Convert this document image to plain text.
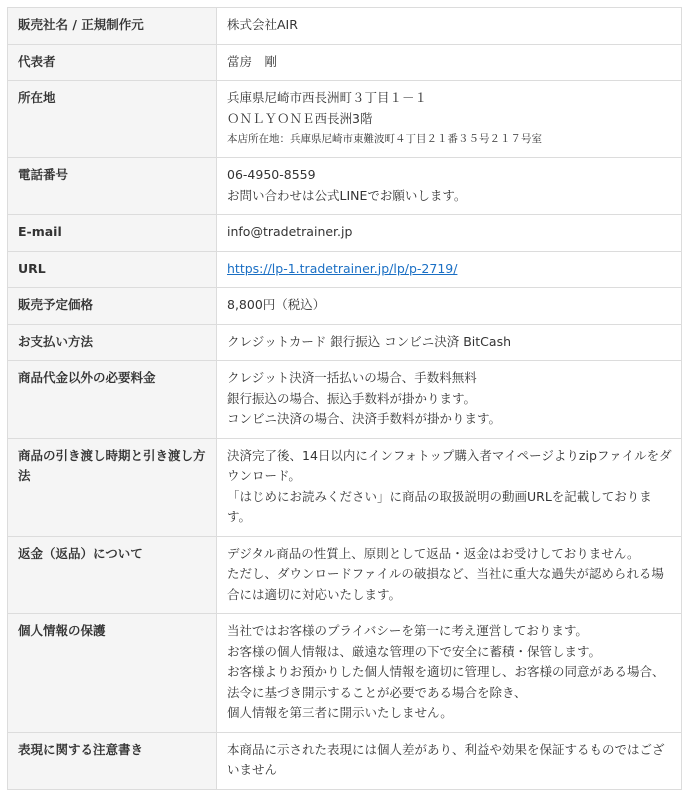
販売社名 / 正規制作元	株式会社AIR

代表者	當房　剛

所在地	兵庫県尼崎市西長洲町３丁目１－１
ＯＮＬＹＯＮＥ西長洲3階
本店所在地：兵庫県尼崎市東難波町４丁目２１番３５号２１７号室

電話番号	06-4950-8559
お問い合わせは公式LINEでお願いします。

E-mail	info@tradetrainer.jp

URL	https://lp-1.tradetrainer.jp/lp/p-2719/
販売予定価格	8,800円（税込）

お支払い方法	クレジットカード 銀行振込 コンビニ決済 BitCash

商品代金以外の必要料金	クレジット決済一括払いの場合、手数料無料
銀行振込の場合、振込手数料が掛かります。
コンビニ決済の場合、決済手数料が掛かります。

商品の引き渡し時期と引き渡し方法	決済完了後、14日以内にインフォトップ購入者マイページよりzipファイルをダウンロード。
「はじめにお読みください」に商品の取扱説明の動画URLを記載しております。

返金（返品）について	デジタル商品の性質上、原則として返品・返金はお受けしておりません。
ただし、ダウンロードファイルの破損など、当社に重大な過失が認められる場合には適切に対応いたします。

個人情報の保護	当社ではお客様のプライバシーを第一に考え運営しております。
お客様の個人情報は、厳遠な管理の下で安全に蓄積・保管します。
お客様よりお預かりした個人情報を適切に管理し、お客様の同意がある場合、
法令に基づき開示することが必要である場合を除き、
個人情報を第三者に開示いたしません。

表現に関する注意書き	本商品に示された表現には個人差があり、利益や効果を保証するものではございません
